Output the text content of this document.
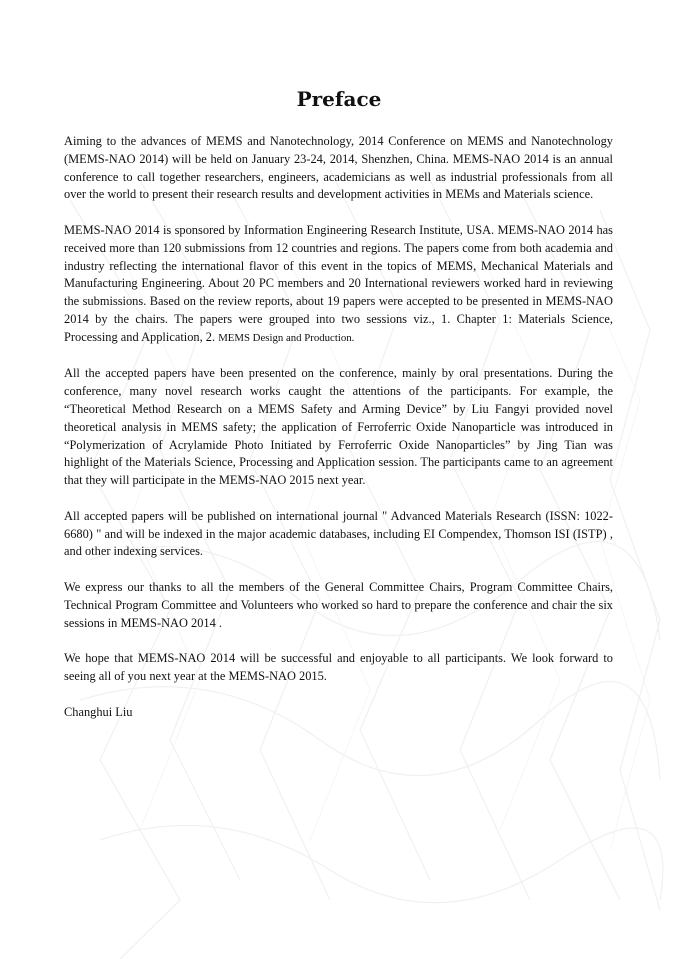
Preface

Aiming to the advances of MEMS and Nanotechnology, 2014 Conference on MEMS and Nanotechnology (MEMS-NAO 2014) will be held on January 23-24, 2014, Shenzhen, China. MEMS-NAO 2014 is an annual conference to call together researchers, engineers, academicians as well as industrial professionals from all over the world to present their research results and development activities in MEMs and Materials science.

MEMS-NAO 2014 is sponsored by Information Engineering Research Institute, USA. MEMS-NAO 2014 has received more than 120 submissions from 12 countries and regions. The papers come from both academia and industry reflecting the international flavor of this event in the topics of MEMS, Mechanical Materials and Manufacturing Engineering. About 20 PC members and 20 International reviewers worked hard in reviewing the submissions. Based on the review reports, about 19 papers were accepted to be presented in MEMS-NAO 2014 by the chairs. The papers were grouped into two sessions viz., 1. Chapter 1: Materials Science, Processing and Application, 2. MEMS Design and Production.

All the accepted papers have been presented on the conference, mainly by oral presentations. During the conference, many novel research works caught the attentions of the participants. For example, the “Theoretical Method Research on a MEMS Safety and Arming Device” by Liu Fangyi provided novel theoretical analysis in MEMS safety; the application of Ferroferric Oxide Nanoparticle was introduced in “Polymerization of Acrylamide Photo Initiated by Ferroferric Oxide Nanoparticles” by Jing Tian was highlight of the Materials Science, Processing and Application session. The participants came to an agreement that they will participate in the MEMS-NAO 2015 next year.

All accepted papers will be published on international journal " Advanced Materials Research (ISSN: 1022-6680) " and will be indexed in the major academic databases, including EI Compendex, Thomson ISI (ISTP) , and other indexing services.

We express our thanks to all the members of the General Committee Chairs, Program Committee Chairs, Technical Program Committee and Volunteers who worked so hard to prepare the conference and chair the six sessions in MEMS-NAO 2014 .

We hope that MEMS-NAO 2014 will be successful and enjoyable to all participants. We look forward to seeing all of you next year at the MEMS-NAO 2015.

Changhui Liu
